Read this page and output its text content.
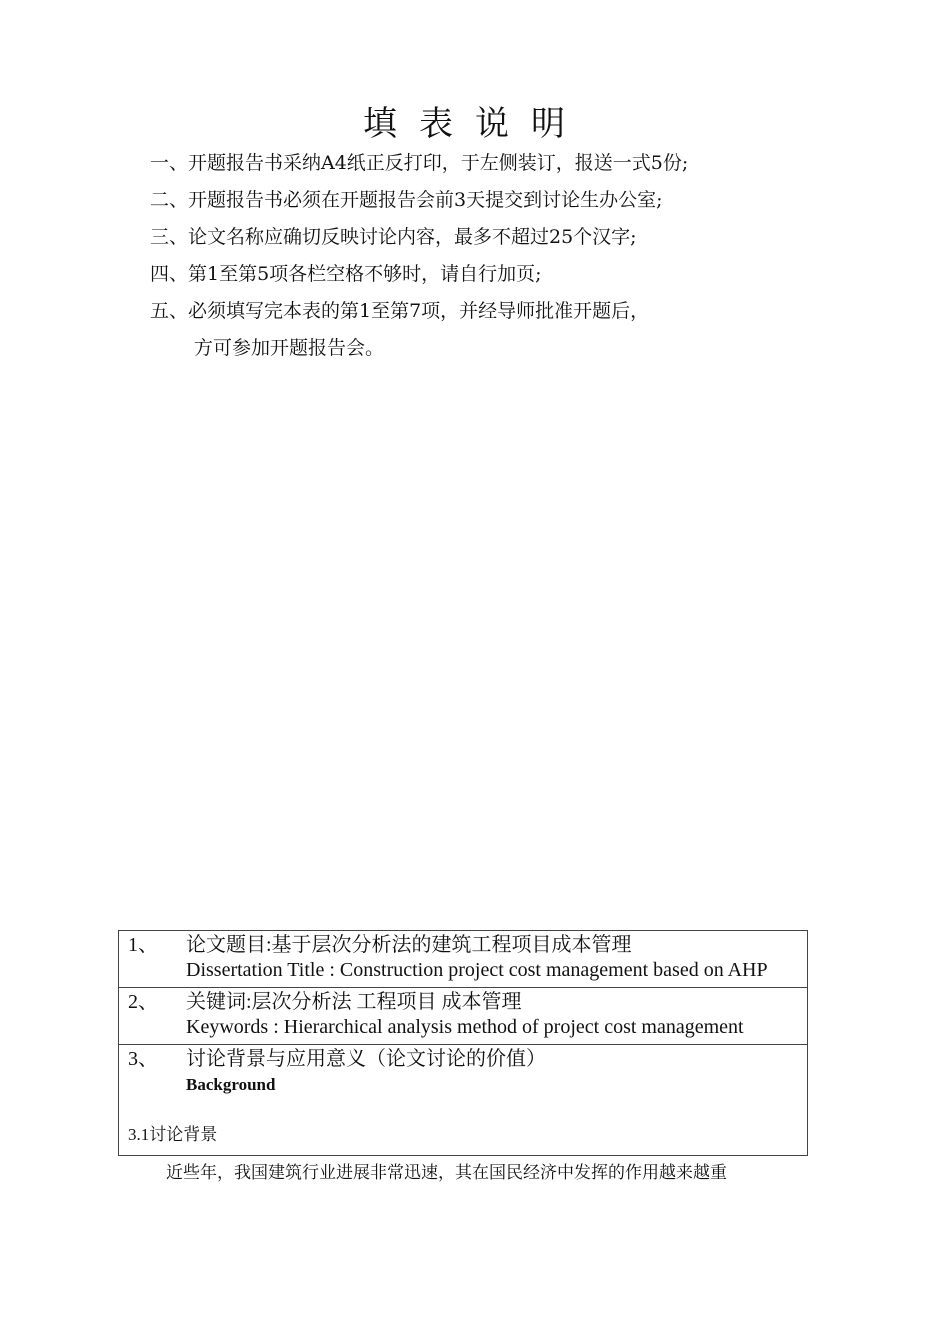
填表说明
一、开题报告书采纳A4纸正反打印，于左侧装订，报送一式5份;
二、开题报告书必须在开题报告会前3天提交到讨论生办公室;
三、论文名称应确切反映讨论内容，最多不超过25个汉字;
四、第1至第5项各栏空格不够时，请自行加页;
五、必须填写完本表的第1至第7项，并经导师批准开题后，
方可参加开题报告会。
1、 论文题目:基于层次分析法的建筑工程项目成本管理
Dissertation Title : Construction project cost management based on AHP

2、 关键词:层次分析法 工程项目 成本管理
Keywords : Hierarchical analysis method of project cost management

3、 讨论背景与应用意义（论文讨论的价值）
Background
3.1讨论背景
近些年，我国建筑行业进展非常迅速，其在国民经济中发挥的作用越来越重
